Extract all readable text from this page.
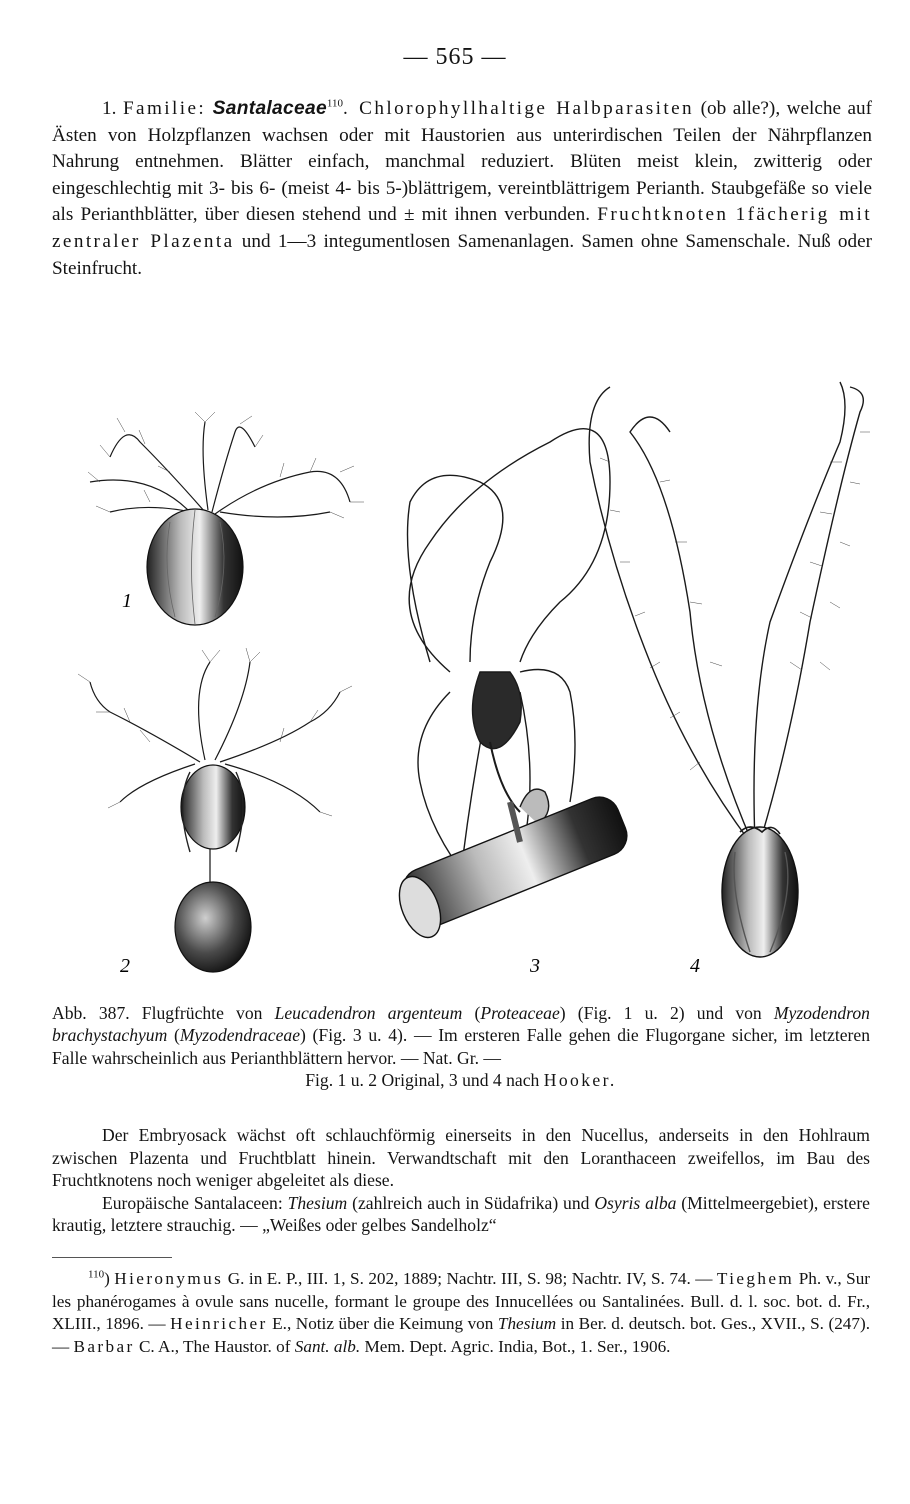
— 565 —

1. Familie: Santalaceae$^{110}$. Chlorophyllhaltige Halbparasiten (ob alle?), welche auf Ästen von Holzpflanzen wachsen oder mit Haustorien aus unterirdischen Teilen der Nährpflanzen Nahrung entnehmen. Blätter einfach, manchmal reduziert. Blüten meist klein, zwitterig oder eingeschlechtig mit 3- bis 6- (meist 4- bis 5-)blättrigem, vereintblättrigem Perianth. Staubgefäße so viele als Perianthblätter, über diesen stehend und ± mit ihnen verbunden. Fruchtknoten 1fächerig mit zentraler Plazenta und 1—3 integumentlosen Samenanlagen. Samen ohne Samenschale. Nuß oder Steinfrucht.

1
2	3	4

Abb. 387. Flugfrüchte von Leucadendron argenteum (Proteaceae) (Fig. 1 u. 2) und von Myzodendron brachystachyum (Myzodendraceae) (Fig. 3 u. 4). — Im ersteren Falle gehen die Flugorgane sicher, im letzteren Falle wahrscheinlich aus Perianthblättern hervor. — Nat. Gr. —

Fig. 1 u. 2 Original, 3 und 4 nach Hooker.

Der Embryosack wächst oft schlauchförmig einerseits in den Nucellus, anderseits in den Hohlraum zwischen Plazenta und Fruchtblatt hinein. Verwandtschaft mit den Loranthaceen zweifellos, im Bau des Fruchtknotens noch weniger abgeleitet als diese.

Europäische Santalaceen: Thesium (zahlreich auch in Südafrika) und Osyris alba (Mittelmeergebiet), erstere krautig, letztere strauchig. — „Weißes oder gelbes Sandelholz“

$^{110}$) Hieronymus G. in E. P., III. 1, S. 202, 1889; Nachtr. III, S. 98; Nachtr. IV, S. 74. — Tieghem Ph. v., Sur les phanérogames à ovule sans nucelle, formant le groupe des Innucellées ou Santalinées. Bull. d. l. soc. bot. d. Fr., XLIII., 1896. — Heinricher E., Notiz über die Keimung von Thesium in Ber. d. deutsch. bot. Ges., XVII., S. (247). — Barbar C. A., The Haustor. of Sant. alb. Mem. Dept. Agric. India, Bot., 1. Ser., 1906.
